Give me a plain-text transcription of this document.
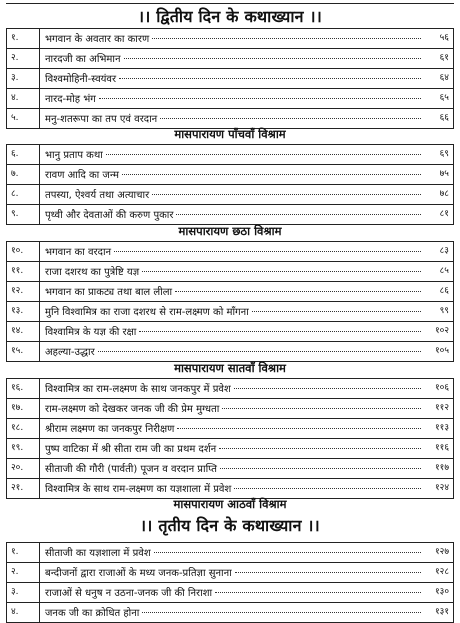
।। द्वितीय दिन के कथाख्यान ।।
१.	भगवान के अवतार का कारण	५६
२.	नारदजी का अभिमान	६१
३.	विश्वमोहिनी-स्वयंवर	६४
४.	नारद-मोह भंग	६५
५.	मनु-शतरूपा का तप एवं वरदान	६६
मासपारायण पाँचवाँ विश्राम
६.	भानु प्रताप कथा	६९
७.	रावण आदि का जन्म	७५
८.	तपस्या, ऐश्वर्य तथा अत्याचार	७८
९.	पृथ्वी और देवताओं की करुण पुकार	८१
मासपारायण छठा विश्राम
१०.	भगवान का वरदान	८३
११.	राजा दशरथ का पुत्रेष्टि यज्ञ	८५
१२.	भगवान का प्राकट्य तथा बाल लीला	८६
१३.	मुनि विश्वामित्र का राजा दशरथ से राम-लक्ष्मण को माँगना	९९
१४.	विश्वामित्र के यज्ञ की रक्षा	१०२
१५.	अहल्या-उद्धार	१०५
मासपारायण सातवाँ विश्राम
१६.	विश्वामित्र का राम-लक्ष्मण के साथ जनकपुर में प्रवेश	१०६
१७.	राम-लक्ष्मण को देखकर जनक जी की प्रेम मुग्धता	११२
१८.	श्रीराम लक्ष्मण का जनकपुर निरीक्षण	११३
१९.	पुष्प वाटिका में श्री सीता राम जी का प्रथम दर्शन	११६
२०.	सीताजी की गौरी (पार्वती) पूजन व वरदान प्राप्ति	११७
२१.	विश्वामित्र के साथ राम-लक्ष्मण का यज्ञशाला में प्रवेश	१२४
मासपारायण आठवाँ विश्राम
।। तृतीय दिन के कथाख्यान ।।
१.	सीताजी का यज्ञशाला में प्रवेश	१२७
२.	बन्दीजनों द्वारा राजाओं के मध्य जनक-प्रतिज्ञा सुनाना	१२८
३.	राजाओं से धनुष न उठना-जनक जी की निराशा	१३०
४.	जनक जी का क्रोधित होना	१३१
